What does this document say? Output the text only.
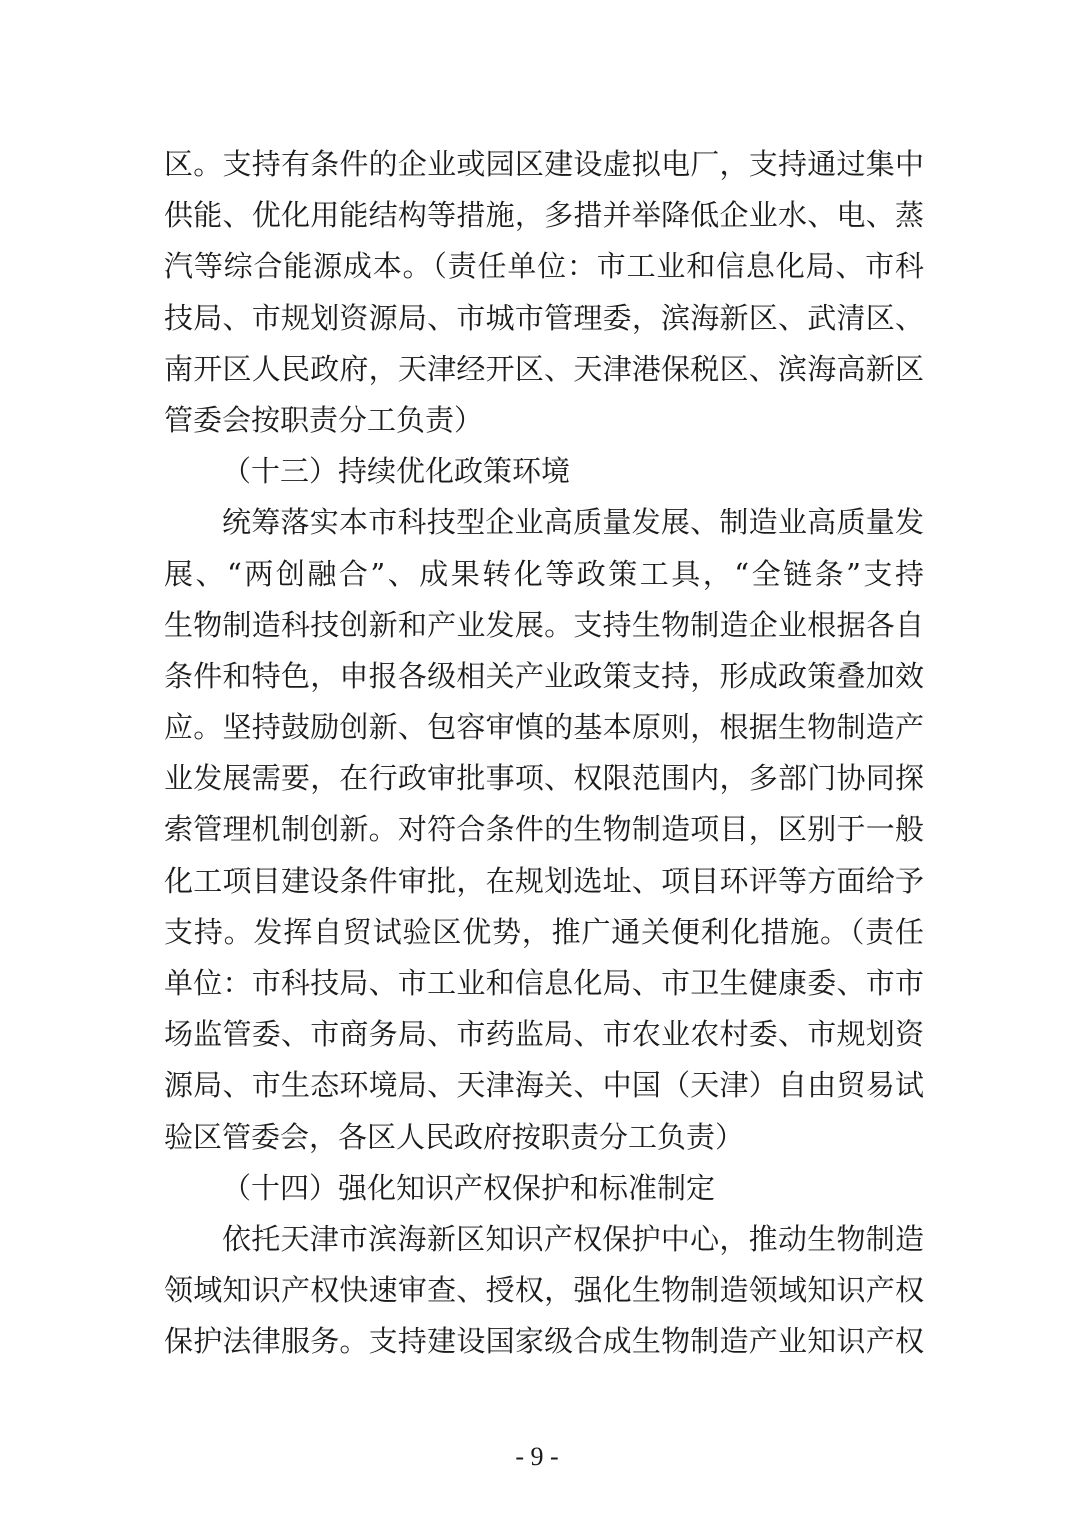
区。支持有条件的企业或园区建设虚拟电厂，支持通过集中
供能、优化用能结构等措施，多措并举降低企业水、电、蒸
汽等综合能源成本。（责任单位：市工业和信息化局、市科
技局、市规划资源局、市城市管理委，滨海新区、武清区、
南开区人民政府，天津经开区、天津港保税区、滨海高新区
管委会按职责分工负责）
（十三）持续优化政策环境
统筹落实本市科技型企业高质量发展、制造业高质量发
展、“两创融合”、成果转化等政策工具，“全链条”支持
生物制造科技创新和产业发展。支持生物制造企业根据各自
条件和特色，申报各级相关产业政策支持，形成政策叠加效
应。坚持鼓励创新、包容审慎的基本原则，根据生物制造产
业发展需要，在行政审批事项、权限范围内，多部门协同探
索管理机制创新。对符合条件的生物制造项目，区别于一般
化工项目建设条件审批，在规划选址、项目环评等方面给予
支持。发挥自贸试验区优势，推广通关便利化措施。（责任
单位：市科技局、市工业和信息化局、市卫生健康委、市市
场监管委、市商务局、市药监局、市农业农村委、市规划资
源局、市生态环境局、天津海关、中国（天津）自由贸易试
验区管委会，各区人民政府按职责分工负责）
（十四）强化知识产权保护和标准制定
依托天津市滨海新区知识产权保护中心，推动生物制造
领域知识产权快速审查、授权，强化生物制造领域知识产权
保护法律服务。支持建设国家级合成生物制造产业知识产权
- 9 -
